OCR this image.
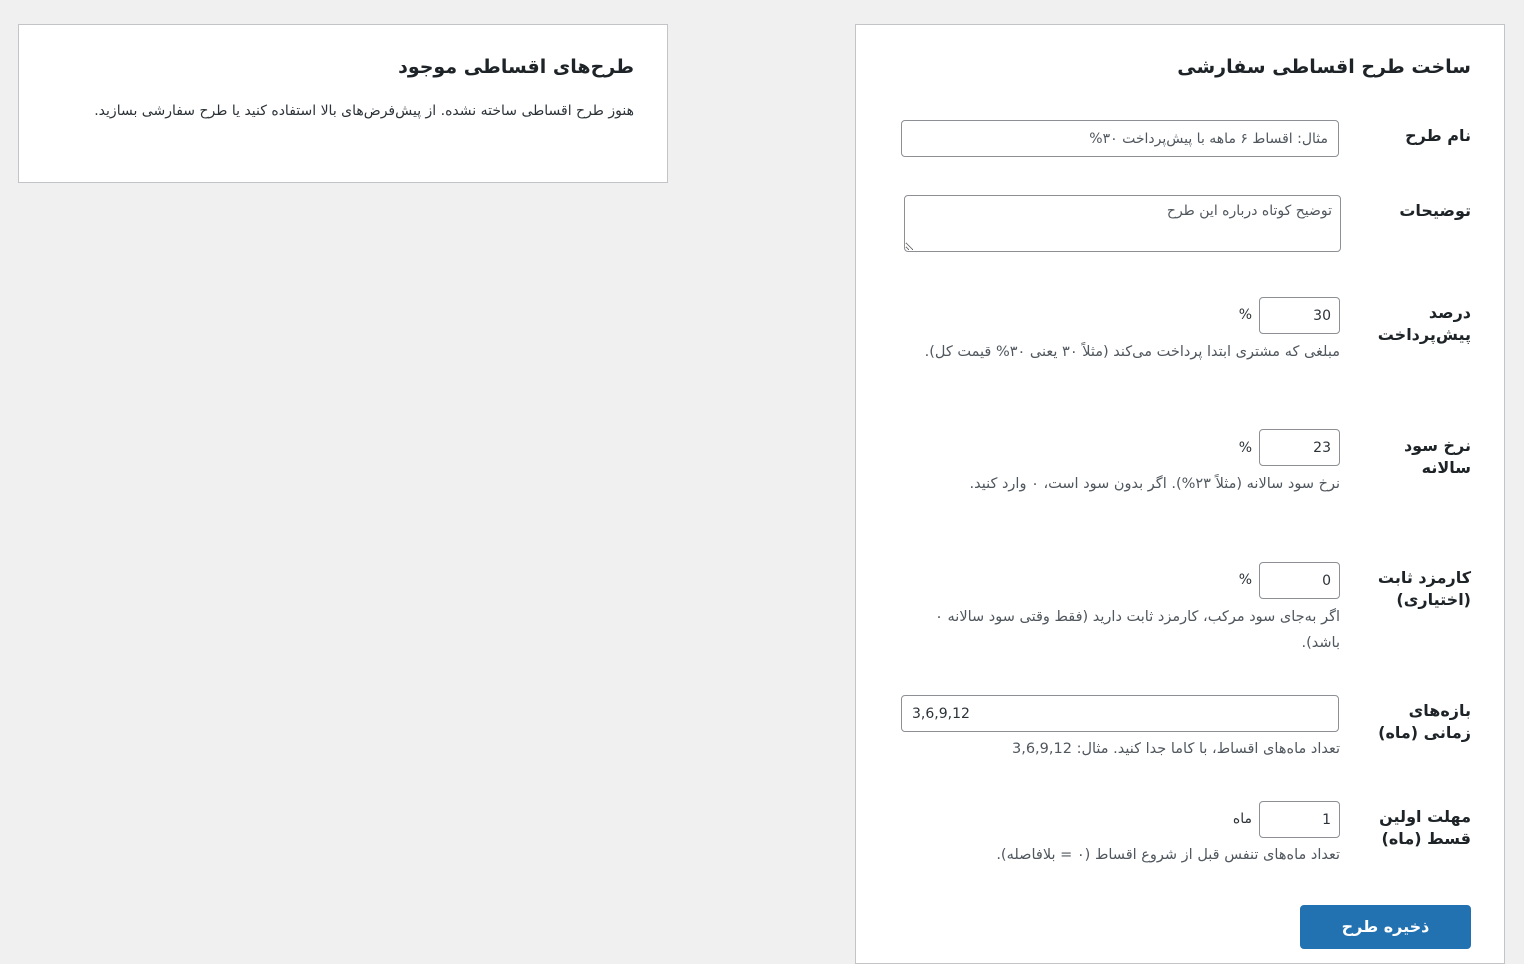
ساخت طرح اقساطی سفارشی
نام طرح
مثال: اقساط ۶ ماهه با پیش‌پرداخت ۳۰%
توضیحات
توضیح کوتاه درباره این طرح
درصد پیش‌پرداخت
30
%

مبلغی که مشتری ابتدا پرداخت می‌کند (مثلاً ۳۰ یعنی ۳۰% قیمت کل).

نرخ سود سالانه
23
%

نرخ سود سالانه (مثلاً ۲۳%). اگر بدون سود است، ۰ وارد کنید.

کارمزد ثابت (اختیاری)
0
%

اگر به‌جای سود مرکب، کارمزد ثابت دارید (فقط وقتی سود سالانه ۰ باشد).

بازه‌های زمانی (ماه)
3,6,9,12

تعداد ماه‌های اقساط، با کاما جدا کنید. مثال: 3,6,9,12

مهلت اولین قسط (ماه)
1
ماه

تعداد ماه‌های تنفس قبل از شروع اقساط (۰ = بلافاصله).

ذخیره طرح
طرح‌های اقساطی موجود

هنوز طرح اقساطی ساخته نشده. از پیش‌فرض‌های بالا استفاده کنید یا طرح سفارشی بسازید.
